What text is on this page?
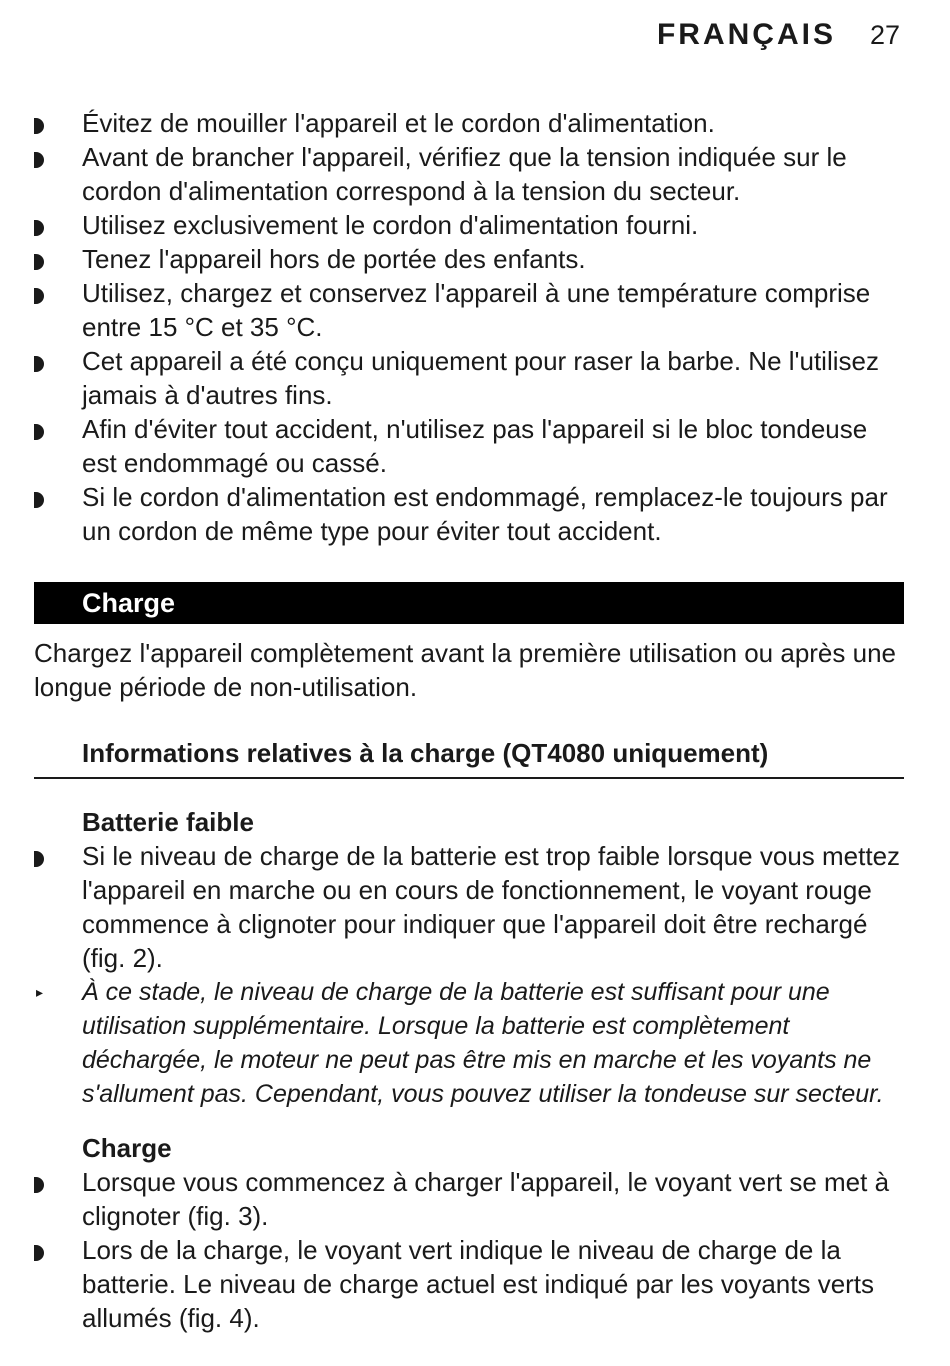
FRANÇAIS 27
Évitez de mouiller l'appareil et le cordon d'alimentation.
Avant de brancher l'appareil, vérifiez que la tension indiquée sur le cordon d'alimentation correspond à la tension du secteur.
Utilisez exclusivement le cordon d'alimentation fourni.
Tenez l'appareil hors de portée des enfants.
Utilisez, chargez et conservez l'appareil à une température comprise entre 15 °C et 35 °C.
Cet appareil a été conçu uniquement pour raser la barbe. Ne l'utilisez jamais à d'autres fins.
Afin d'éviter tout accident, n'utilisez pas l'appareil si le bloc tondeuse est endommagé ou cassé.
Si le cordon d'alimentation est endommagé, remplacez-le toujours par un cordon de même type pour éviter tout accident.
Charge
Chargez l'appareil complètement avant la première utilisation ou après une longue période de non-utilisation.
Informations relatives à la charge (QT4080 uniquement)
Batterie faible
Si le niveau de charge de la batterie est trop faible lorsque vous mettez l'appareil en marche ou en cours de fonctionnement, le voyant rouge commence à clignoter pour indiquer que l'appareil doit être rechargé (fig. 2).
▸ À ce stade, le niveau de charge de la batterie est suffisant pour une utilisation supplémentaire. Lorsque la batterie est complètement déchargée, le moteur ne peut pas être mis en marche et les voyants ne s'allument pas. Cependant, vous pouvez utiliser la tondeuse sur secteur.
Charge
Lorsque vous commencez à charger l'appareil, le voyant vert se met à clignoter (fig. 3).
Lors de la charge, le voyant vert indique le niveau de charge de la batterie. Le niveau de charge actuel est indiqué par les voyants verts allumés (fig. 4).
